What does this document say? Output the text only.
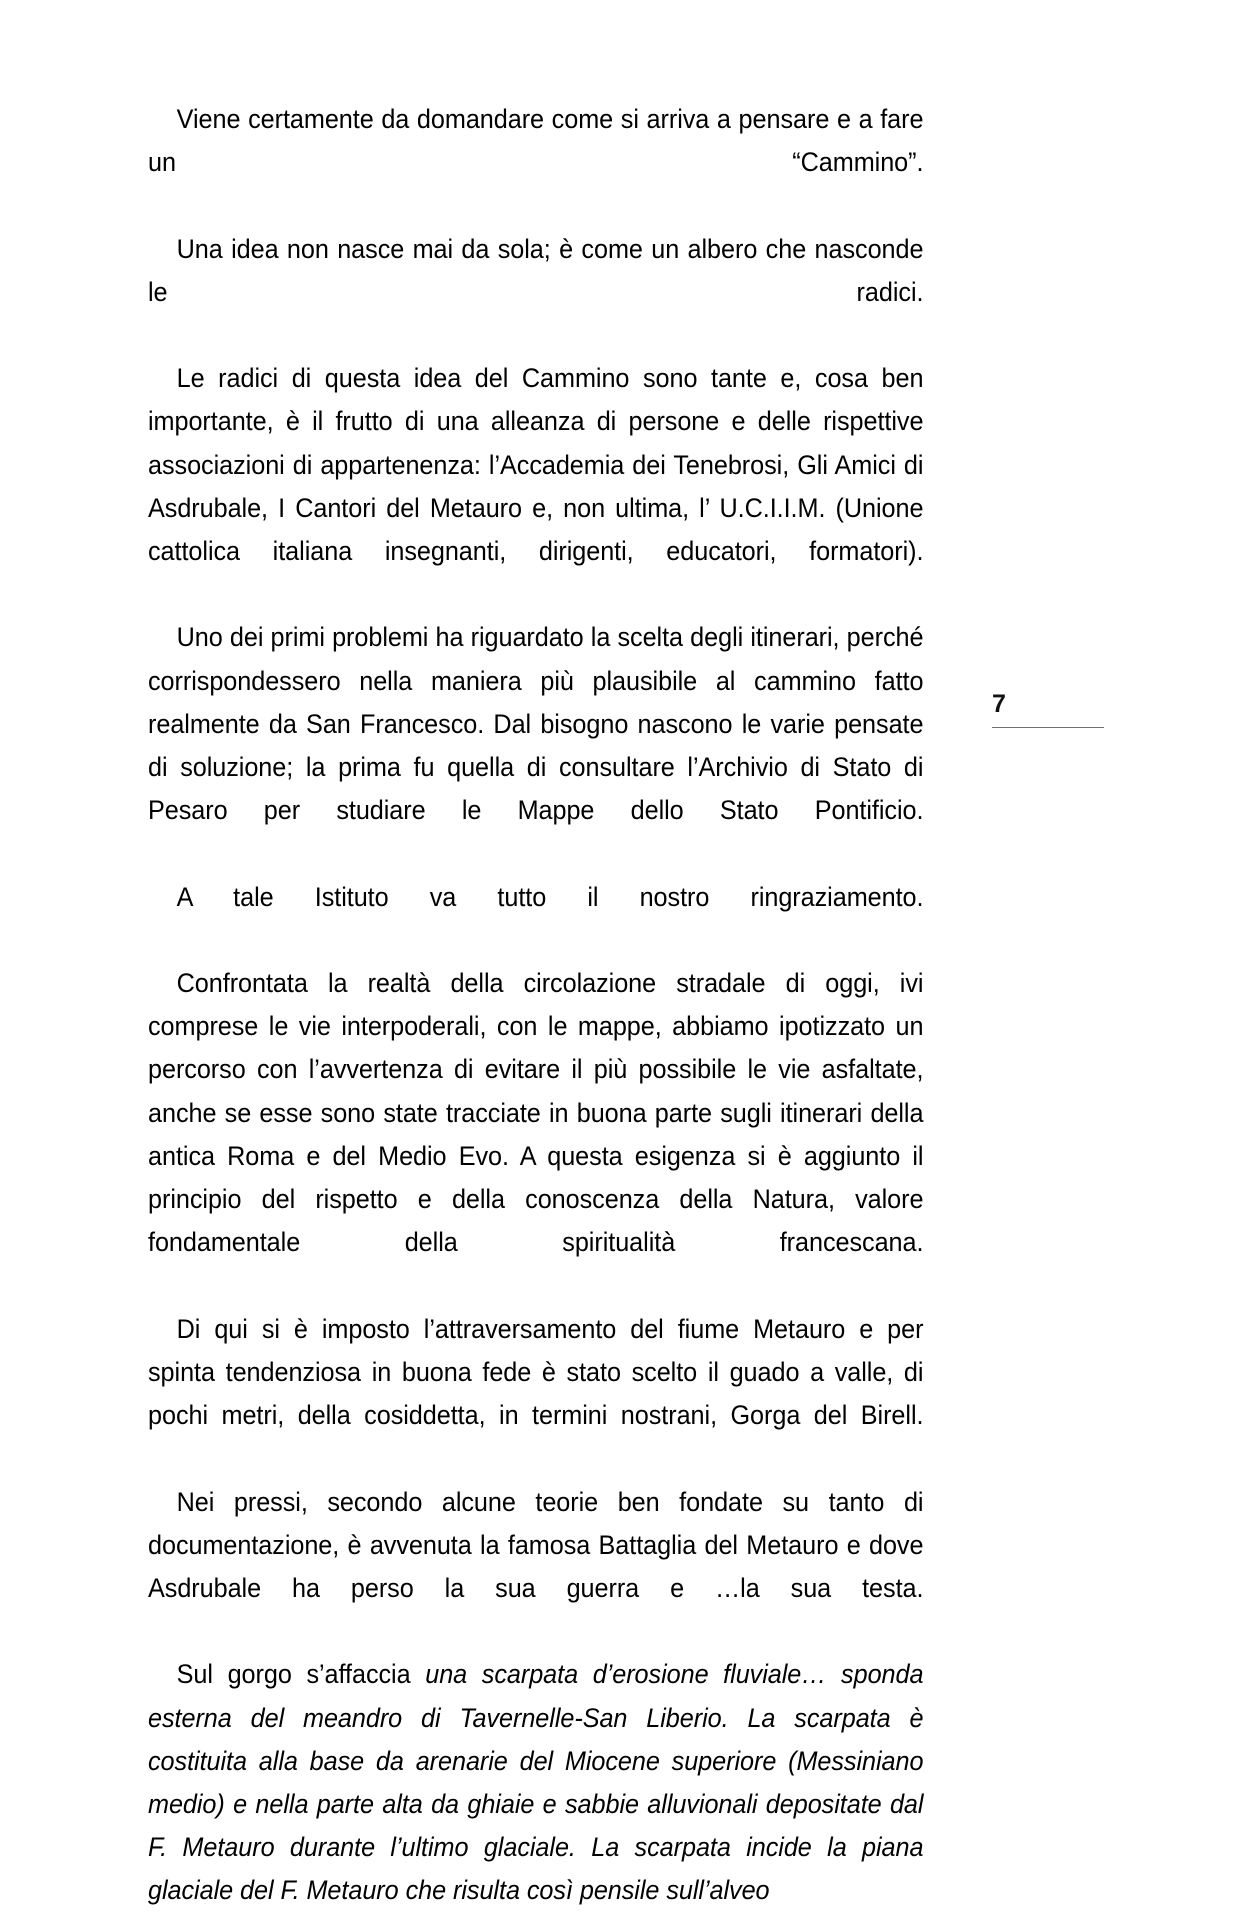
Viene certamente da domandare come si arriva a pensare e a fare un “Cammino”.

Una idea non nasce mai da sola; è come un albero che nasconde le radici.

Le radici di questa idea del Cammino sono tante e, cosa ben importante, è il frutto di una alleanza di persone e delle rispettive associazioni di appartenenza: l’Accademia dei Tenebrosi, Gli Amici di Asdrubale, I Cantori del Metauro e, non ultima, l’ U.C.I.I.M. (Unione cattolica italiana insegnanti, dirigenti, educatori, formatori).

Uno dei primi problemi ha riguardato la scelta degli itinerari, perché corrispondessero nella maniera più plausibile al cammino fatto realmente da San Francesco. Dal bisogno nascono le varie pensate di soluzione; la prima fu quella di consultare l’Archivio di Stato di Pesaro per studiare le Mappe dello Stato Pontificio.

A tale Istituto va tutto il nostro ringraziamento.

Confrontata la realtà della circolazione stradale di oggi, ivi comprese le vie interpoderali, con le mappe, abbiamo ipotizzato un percorso con l’avvertenza di evitare il più possibile le vie asfaltate, anche se esse sono state tracciate in buona parte sugli itinerari della antica Roma e del Medio Evo. A questa esigenza si è aggiunto il principio del rispetto e della conoscenza della Natura, valore fondamentale della spiritualità francescana.

Di qui si è imposto l’attraversamento del fiume Metauro e per spinta tendenziosa in buona fede è stato scelto il guado a valle, di pochi metri, della cosiddetta, in termini nostrani, Gorga del Birell.

Nei pressi, secondo alcune teorie ben fondate su tanto di documentazione, è avvenuta la famosa Battaglia del Metauro e dove Asdrubale ha perso la sua guerra e …la sua testa.

Sul gorgo s’affaccia una scarpata d’erosione fluviale… sponda esterna del meandro di Tavernelle-San Liberio. La scarpata è costituita alla base da arenarie del Miocene superiore (Messiniano medio) e nella parte alta da ghiaie e sabbie alluvionali depositate dal F. Metauro durante l’ultimo glaciale. La scarpata incide la piana glaciale del F. Metauro che risulta così pensile sull’alveo

7
